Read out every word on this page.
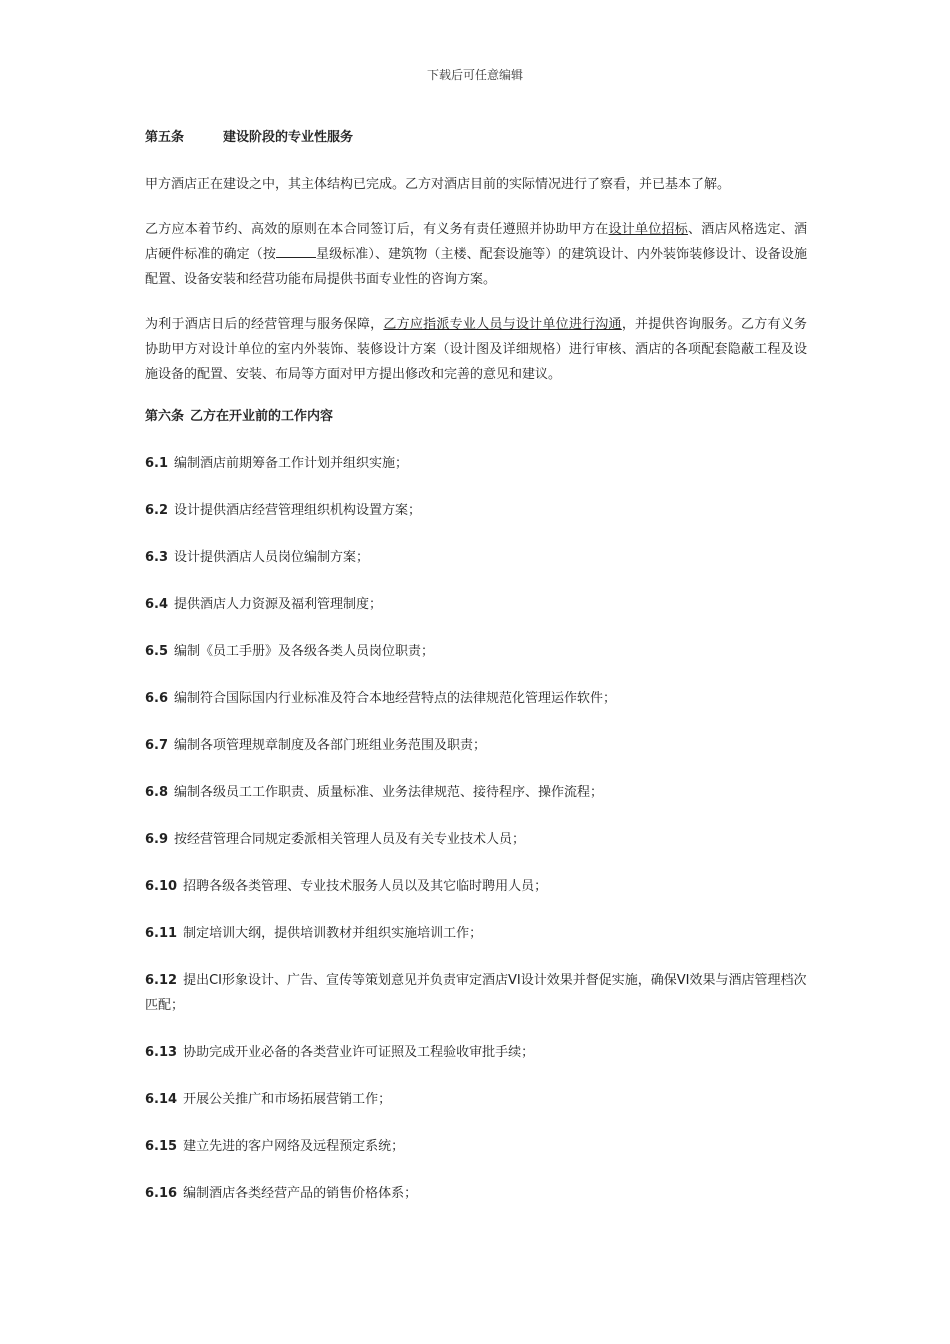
下载后可任意编辑
第五条	建设阶段的专业性服务

甲方酒店正在建设之中，其主体结构已完成。乙方对酒店目前的实际情况进行了察看，并已基本了解。

乙方应本着节约、高效的原则在本合同签订后，有义务有责任遵照并协助甲方在设计单位招标、酒店风格选定、酒店硬件标准的确定（按	星级标准）、建筑物（主楼、配套设施等）的建筑设计、内外装饰装修设计、设备设施配置、设备安装和经营功能布局提供书面专业性的咨询方案。

为利于酒店日后的经营管理与服务保障，乙方应指派专业人员与设计单位进行沟通，并提供咨询服务。乙方有义务协助甲方对设计单位的室内外装饰、装修设计方案（设计图及详细规格）进行审核、酒店的各项配套隐蔽工程及设施设备的配置、安装、布局等方面对甲方提出修改和完善的意见和建议。

第六条 乙方在开业前的工作内容
6.1 编制酒店前期筹备工作计划并组织实施；
6.2 设计提供酒店经营管理组织机构设置方案；
6.3 设计提供酒店人员岗位编制方案；
6.4 提供酒店人力资源及福利管理制度；
6.5 编制《员工手册》及各级各类人员岗位职责；
6.6 编制符合国际国内行业标准及符合本地经营特点的法律规范化管理运作软件；
6.7 编制各项管理规章制度及各部门班组业务范围及职责；
6.8 编制各级员工工作职责、质量标准、业务法律规范、接待程序、操作流程；
6.9 按经营管理合同规定委派相关管理人员及有关专业技术人员；
6.10 招聘各级各类管理、专业技术服务人员以及其它临时聘用人员；
6.11 制定培训大纲，提供培训教材并组织实施培训工作；
6.12 提出CI形象设计、广告、宣传等策划意见并负责审定酒店VI设计效果并督促实施，确保VI效果与酒店管理档次匹配；
6.13 协助完成开业必备的各类营业许可证照及工程验收审批手续；
6.14 开展公关推广和市场拓展营销工作；
6.15 建立先进的客户网络及远程预定系统；
6.16 编制酒店各类经营产品的销售价格体系；
